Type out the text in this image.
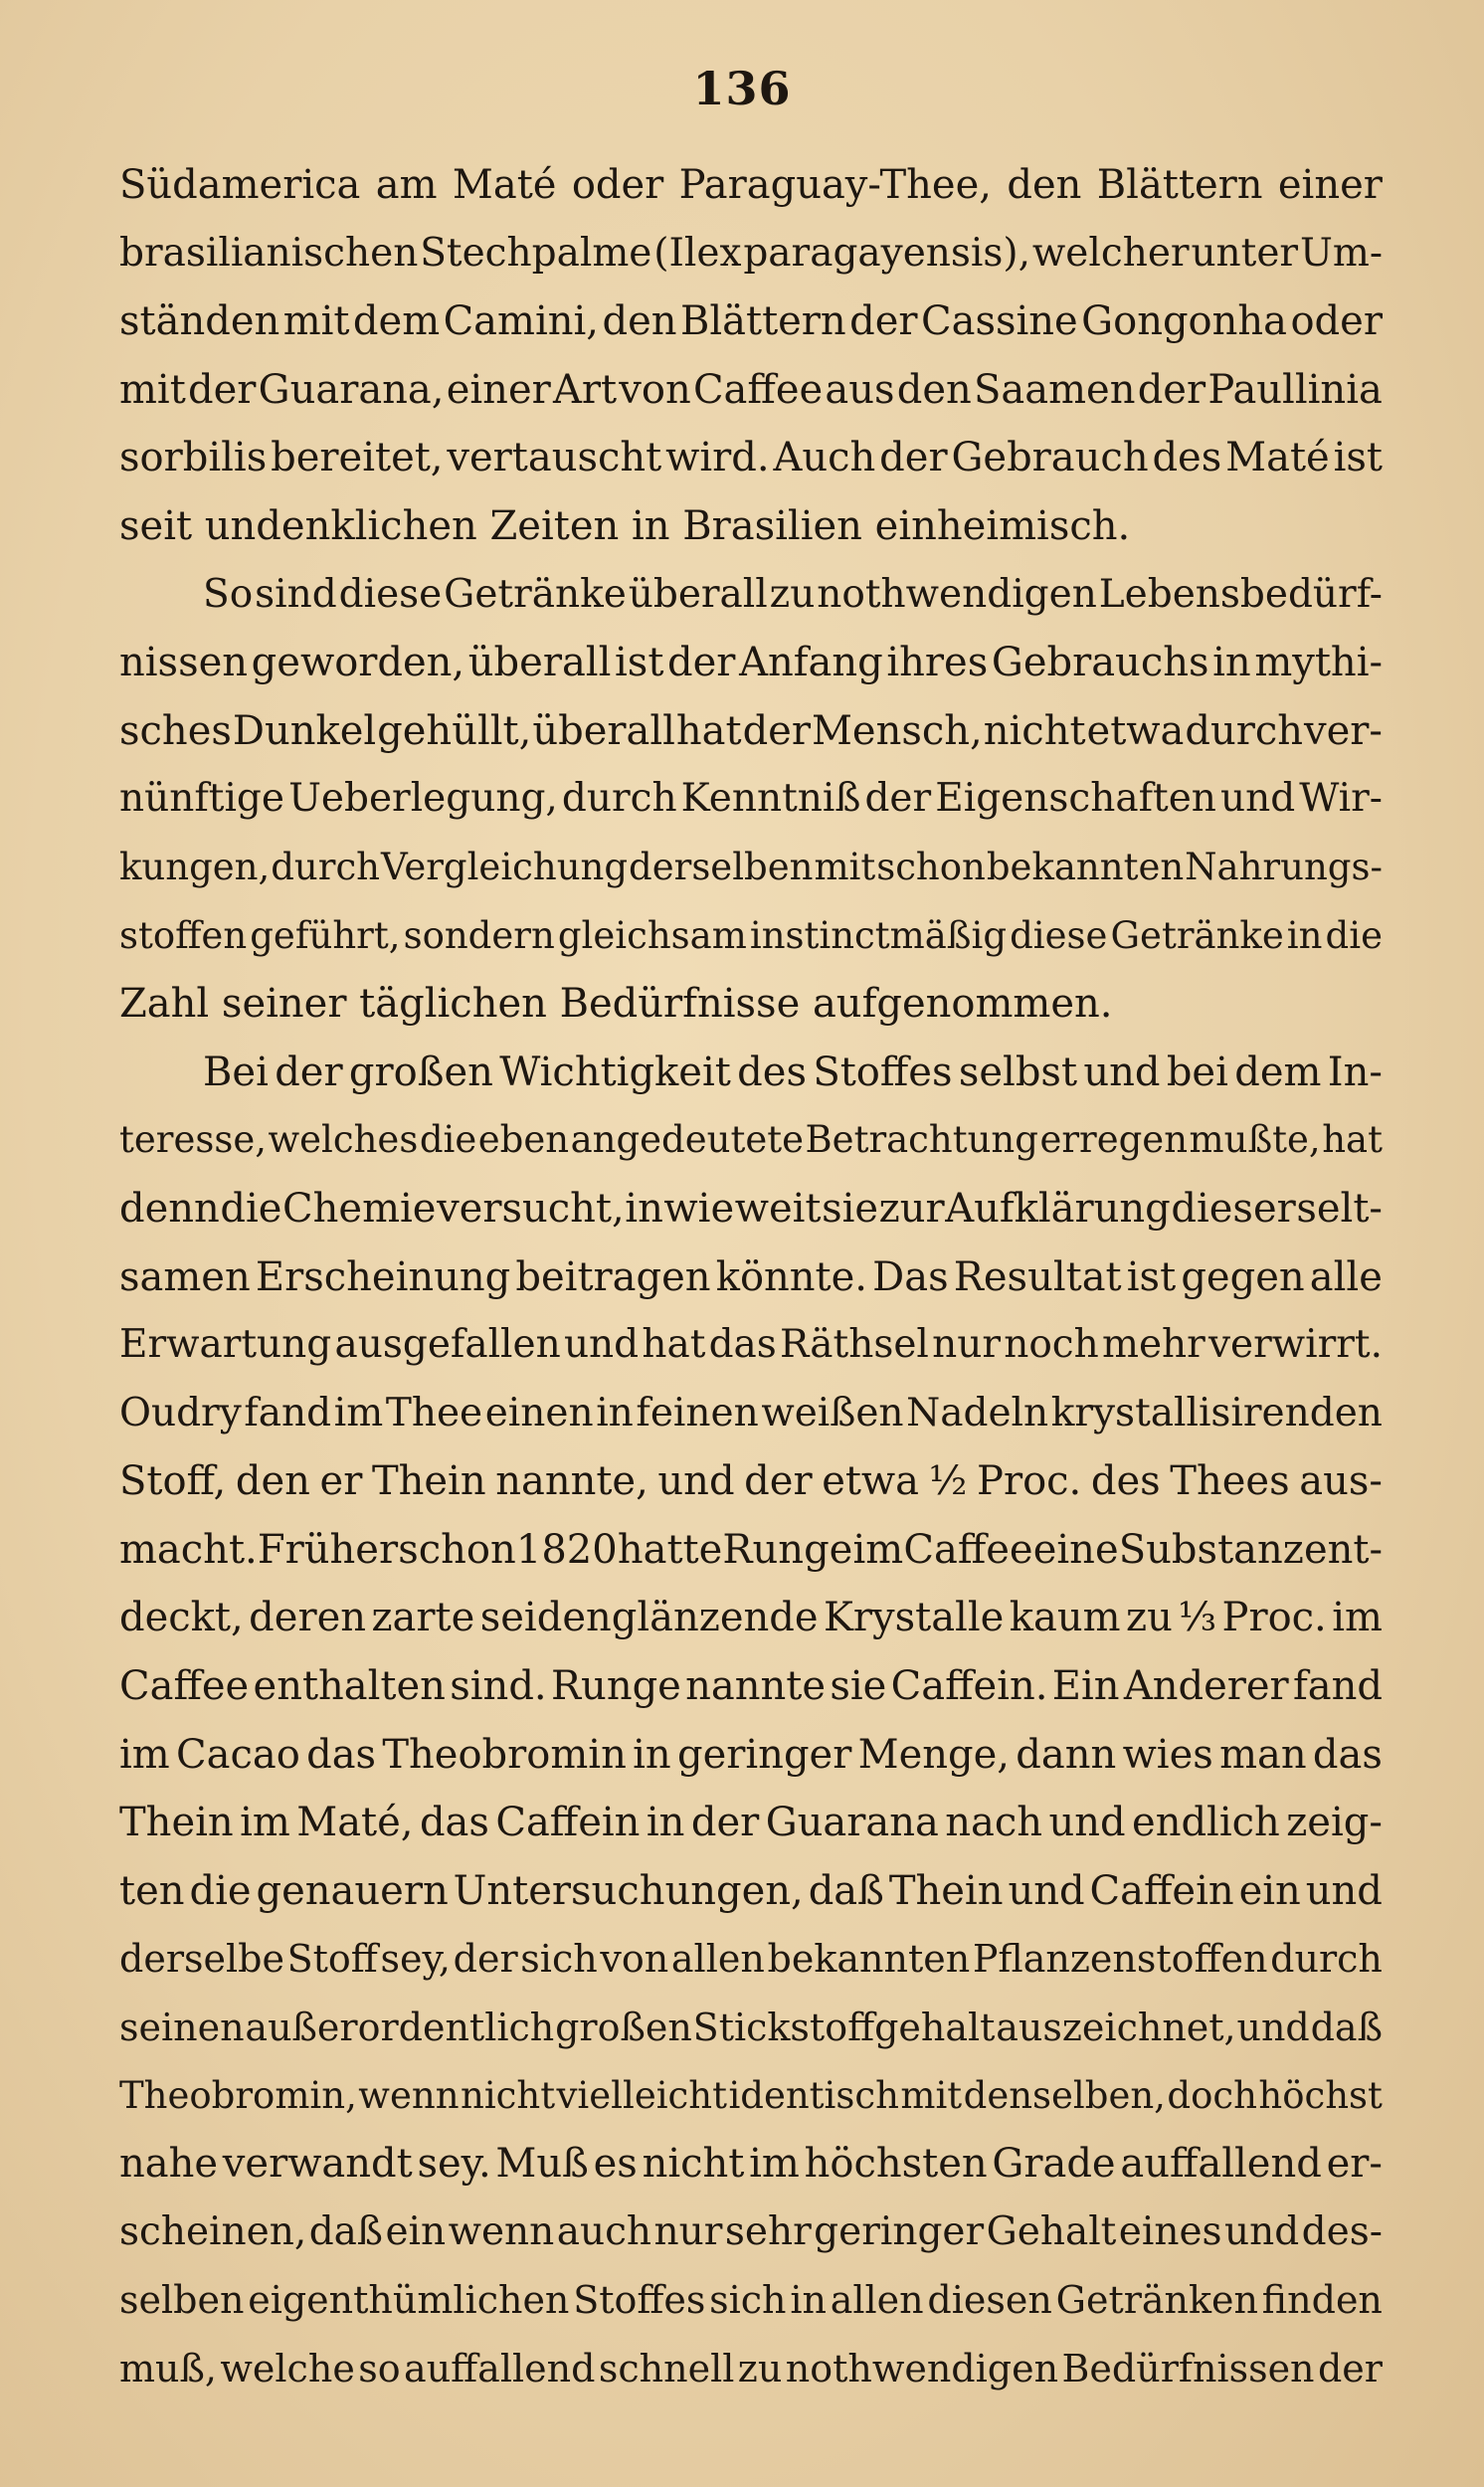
136
Südamerica am Maté oder Paraguay-Thee, den Blättern einer
brasilianischen Stechpalme (Ilex paragayensis), welcher unter Um-
ständen mit dem Camini, den Blättern der Cassine Gongonha oder
mit der Guarana, einer Art von Caffee aus den Saamen der Paullinia
sorbilis bereitet, vertauscht wird. Auch der Gebrauch des Maté ist
seit undenklichen Zeiten in Brasilien einheimisch.
So sind diese Getränke überall zu nothwendigen Lebensbedürf-
nissen geworden, überall ist der Anfang ihres Gebrauchs in mythi-
sches Dunkel gehüllt, überall hat der Mensch, nicht etwa durch ver-
nünftige Ueberlegung, durch Kenntniß der Eigenschaften und Wir-
kungen, durch Vergleichung derselben mit schon bekannten Nahrungs-
stoffen geführt, sondern gleichsam instinctmäßig diese Getränke in die
Zahl seiner täglichen Bedürfnisse aufgenommen.
Bei der großen Wichtigkeit des Stoffes selbst und bei dem In-
teresse, welches die eben angedeutete Betrachtung erregen mußte, hat
denn die Chemie versucht, in wie weit sie zur Aufklärung dieser selt-
samen Erscheinung beitragen könnte. Das Resultat ist gegen alle
Erwartung ausgefallen und hat das Räthsel nur noch mehr verwirrt.
Oudry fand im Thee einen in feinen weißen Nadeln krystallisirenden
Stoff, den er Thein nannte, und der etwa ½ Proc. des Thees aus-
macht. Früher schon 1820 hatte Runge im Caffee eine Substanz ent-
deckt, deren zarte seidenglänzende Krystalle kaum zu ⅓ Proc. im
Caffee enthalten sind. Runge nannte sie Caffein. Ein Anderer fand
im Cacao das Theobromin in geringer Menge, dann wies man das
Thein im Maté, das Caffein in der Guarana nach und endlich zeig-
ten die genauern Untersuchungen, daß Thein und Caffein ein und
derselbe Stoff sey, der sich von allen bekannten Pflanzenstoffen durch
seinen außerordentlich großen Stickstoffgehalt auszeichnet, und daß
Theobromin, wenn nicht vielleicht identisch mit denselben, doch höchst
nahe verwandt sey. Muß es nicht im höchsten Grade auffallend er-
scheinen, daß ein wenn auch nur sehr geringer Gehalt eines und des-
selben eigenthümlichen Stoffes sich in allen diesen Getränken finden
muß, welche so auffallend schnell zu nothwendigen Bedürfnissen der
